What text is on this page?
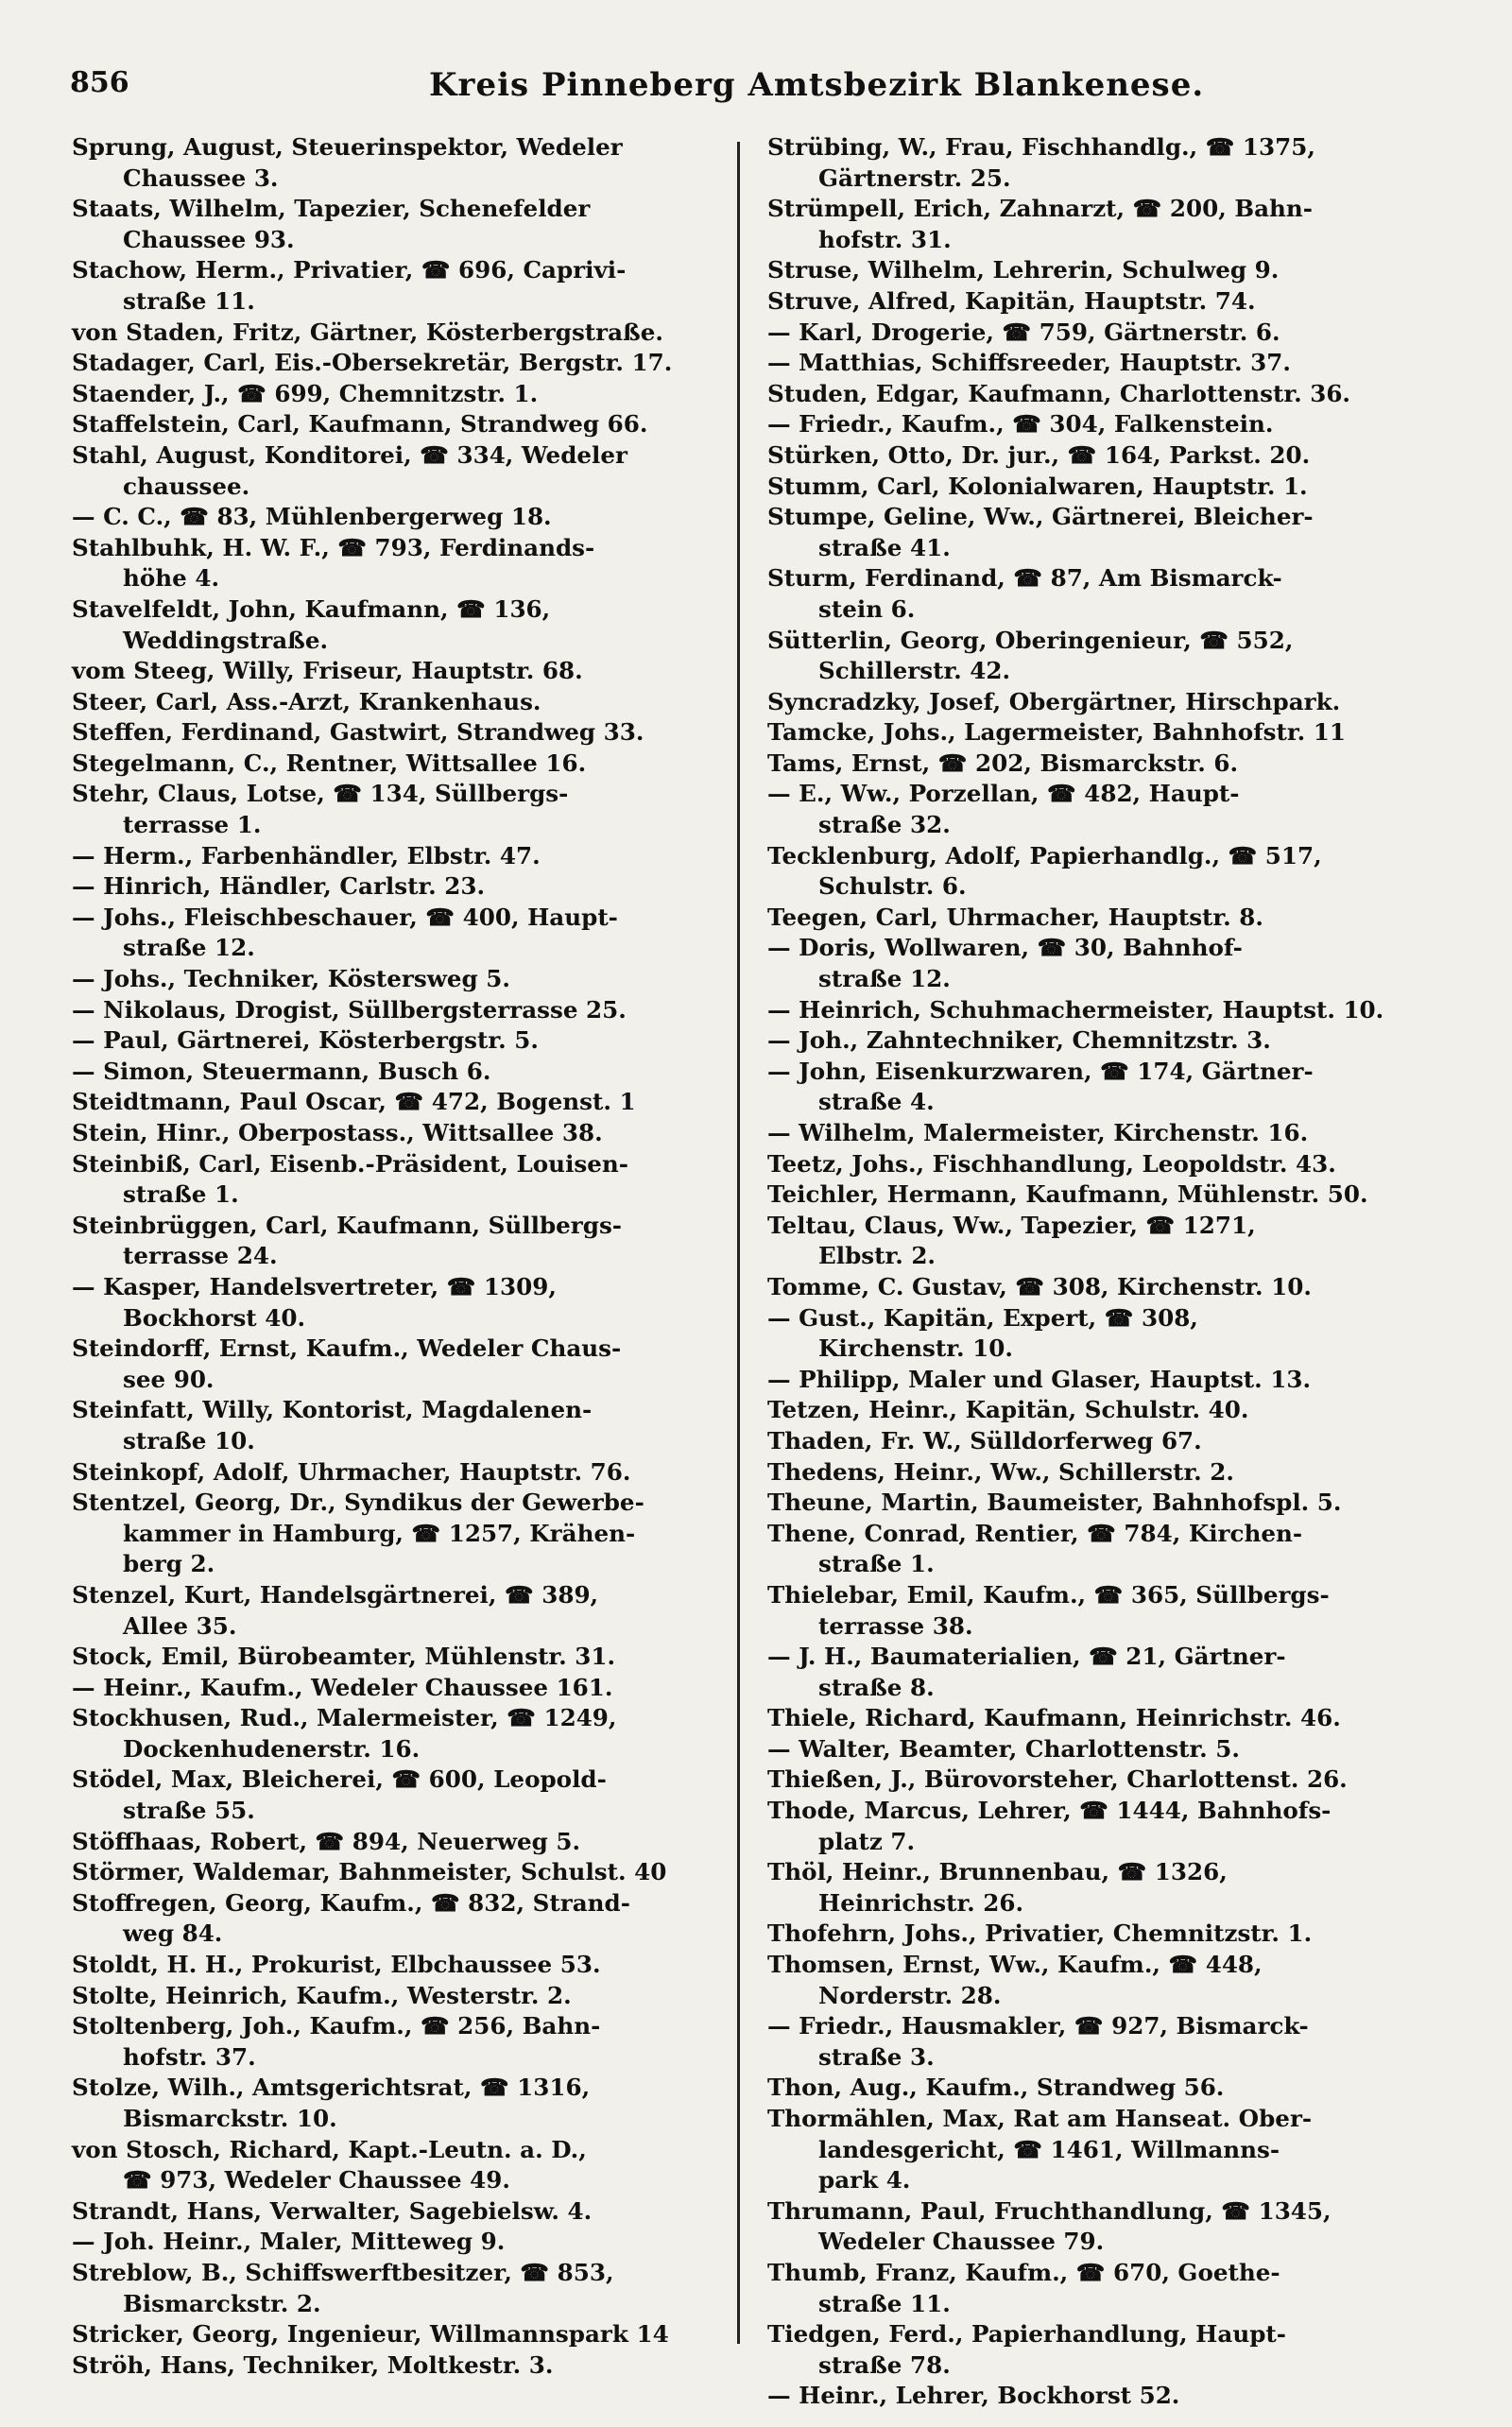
856	Kreis Pinneberg Amtsbezirk Blankenese.
Sprung, August, Steuerinspektor, Wedeler
Chaussee 3.
Staats, Wilhelm, Tapezier, Schenefelder
Chaussee 93.
Stachow, Herm., Privatier, ☎ 696, Caprivi-
straße 11.
von Staden, Fritz, Gärtner, Kösterbergstraße.
Stadager, Carl, Eis.-Obersekretär, Bergstr. 17.
Staender, J., ☎ 699, Chemnitzstr. 1.
Staffelstein, Carl, Kaufmann, Strandweg 66.
Stahl, August, Konditorei, ☎ 334, Wedeler
chaussee.
— C. C., ☎ 83, Mühlenbergerweg 18.
Stahlbuhk, H. W. F., ☎ 793, Ferdinands-
höhe 4.
Stavelfeldt, John, Kaufmann, ☎ 136,
Weddingstraße.
vom Steeg, Willy, Friseur, Hauptstr. 68.
Steer, Carl, Ass.-Arzt, Krankenhaus.
Steffen, Ferdinand, Gastwirt, Strandweg 33.
Stegelmann, C., Rentner, Wittsallee 16.
Stehr, Claus, Lotse, ☎ 134, Süllbergs-
terrasse 1.
— Herm., Farbenhändler, Elbstr. 47.
— Hinrich, Händler, Carlstr. 23.
— Johs., Fleischbeschauer, ☎ 400, Haupt-
straße 12.
— Johs., Techniker, Köstersweg 5.
— Nikolaus, Drogist, Süllbergsterrasse 25.
— Paul, Gärtnerei, Kösterbergstr. 5.
— Simon, Steuermann, Busch 6.
Steidtmann, Paul Oscar, ☎ 472, Bogenst. 1
Stein, Hinr., Oberpostass., Wittsallee 38.
Steinbiß, Carl, Eisenb.-Präsident, Louisen-
straße 1.
Steinbrüggen, Carl, Kaufmann, Süllbergs-
terrasse 24.
— Kasper, Handelsvertreter, ☎ 1309,
Bockhorst 40.
Steindorff, Ernst, Kaufm., Wedeler Chaus-
see 90.
Steinfatt, Willy, Kontorist, Magdalenen-
straße 10.
Steinkopf, Adolf, Uhrmacher, Hauptstr. 76.
Stentzel, Georg, Dr., Syndikus der Gewerbe-
kammer in Hamburg, ☎ 1257, Krähen-
berg 2.
Stenzel, Kurt, Handelsgärtnerei, ☎ 389,
Allee 35.
Stock, Emil, Bürobeamter, Mühlenstr. 31.
— Heinr., Kaufm., Wedeler Chaussee 161.
Stockhusen, Rud., Malermeister, ☎ 1249,
Dockenhudenerstr. 16.
Stödel, Max, Bleicherei, ☎ 600, Leopold-
straße 55.
Stöffhaas, Robert, ☎ 894, Neuerweg 5.
Störmer, Waldemar, Bahnmeister, Schulst. 40
Stoffregen, Georg, Kaufm., ☎ 832, Strand-
weg 84.
Stoldt, H. H., Prokurist, Elbchaussee 53.
Stolte, Heinrich, Kaufm., Westerstr. 2.
Stoltenberg, Joh., Kaufm., ☎ 256, Bahn-
hofstr. 37.
Stolze, Wilh., Amtsgerichtsrat, ☎ 1316,
Bismarckstr. 10.
von Stosch, Richard, Kapt.-Leutn. a. D.,
☎ 973, Wedeler Chaussee 49.
Strandt, Hans, Verwalter, Sagebielsw. 4.
— Joh. Heinr., Maler, Mitteweg 9.
Streblow, B., Schiffswerftbesitzer, ☎ 853,
Bismarckstr. 2.
Stricker, Georg, Ingenieur, Willmannspark 14
Ströh, Hans, Techniker, Moltkestr. 3.
Strübing, W., Frau, Fischhandlg., ☎ 1375,
Gärtnerstr. 25.
Strümpell, Erich, Zahnarzt, ☎ 200, Bahn-
hofstr. 31.
Struse, Wilhelm, Lehrerin, Schulweg 9.
Struve, Alfred, Kapitän, Hauptstr. 74.
— Karl, Drogerie, ☎ 759, Gärtnerstr. 6.
— Matthias, Schiffsreeder, Hauptstr. 37.
Studen, Edgar, Kaufmann, Charlottenstr. 36.
— Friedr., Kaufm., ☎ 304, Falkenstein.
Stürken, Otto, Dr. jur., ☎ 164, Parkst. 20.
Stumm, Carl, Kolonialwaren, Hauptstr. 1.
Stumpe, Geline, Ww., Gärtnerei, Bleicher-
straße 41.
Sturm, Ferdinand, ☎ 87, Am Bismarck-
stein 6.
Sütterlin, Georg, Oberingenieur, ☎ 552,
Schillerstr. 42.
Syncradzky, Josef, Obergärtner, Hirschpark.
Tamcke, Johs., Lagermeister, Bahnhofstr. 11
Tams, Ernst, ☎ 202, Bismarckstr. 6.
— E., Ww., Porzellan, ☎ 482, Haupt-
straße 32.
Tecklenburg, Adolf, Papierhandlg., ☎ 517,
Schulstr. 6.
Teegen, Carl, Uhrmacher, Hauptstr. 8.
— Doris, Wollwaren, ☎ 30, Bahnhof-
straße 12.
— Heinrich, Schuhmachermeister, Hauptst. 10.
— Joh., Zahntechniker, Chemnitzstr. 3.
— John, Eisenkurzwaren, ☎ 174, Gärtner-
straße 4.
— Wilhelm, Malermeister, Kirchenstr. 16.
Teetz, Johs., Fischhandlung, Leopoldstr. 43.
Teichler, Hermann, Kaufmann, Mühlenstr. 50.
Teltau, Claus, Ww., Tapezier, ☎ 1271,
Elbstr. 2.
Tomme, C. Gustav, ☎ 308, Kirchenstr. 10.
— Gust., Kapitän, Expert, ☎ 308,
Kirchenstr. 10.
— Philipp, Maler und Glaser, Hauptst. 13.
Tetzen, Heinr., Kapitän, Schulstr. 40.
Thaden, Fr. W., Sülldorferweg 67.
Thedens, Heinr., Ww., Schillerstr. 2.
Theune, Martin, Baumeister, Bahnhofspl. 5.
Thene, Conrad, Rentier, ☎ 784, Kirchen-
straße 1.
Thielebar, Emil, Kaufm., ☎ 365, Süllbergs-
terrasse 38.
— J. H., Baumaterialien, ☎ 21, Gärtner-
straße 8.
Thiele, Richard, Kaufmann, Heinrichstr. 46.
— Walter, Beamter, Charlottenstr. 5.
Thießen, J., Bürovorsteher, Charlottenst. 26.
Thode, Marcus, Lehrer, ☎ 1444, Bahnhofs-
platz 7.
Thöl, Heinr., Brunnenbau, ☎ 1326,
Heinrichstr. 26.
Thofehrn, Johs., Privatier, Chemnitzstr. 1.
Thomsen, Ernst, Ww., Kaufm., ☎ 448,
Norderstr. 28.
— Friedr., Hausmakler, ☎ 927, Bismarck-
straße 3.
Thon, Aug., Kaufm., Strandweg 56.
Thormählen, Max, Rat am Hanseat. Ober-
landesgericht, ☎ 1461, Willmanns-
park 4.
Thrumann, Paul, Fruchthandlung, ☎ 1345,
Wedeler Chaussee 79.
Thumb, Franz, Kaufm., ☎ 670, Goethe-
straße 11.
Tiedgen, Ferd., Papierhandlung, Haupt-
straße 78.
— Heinr., Lehrer, Bockhorst 52.
